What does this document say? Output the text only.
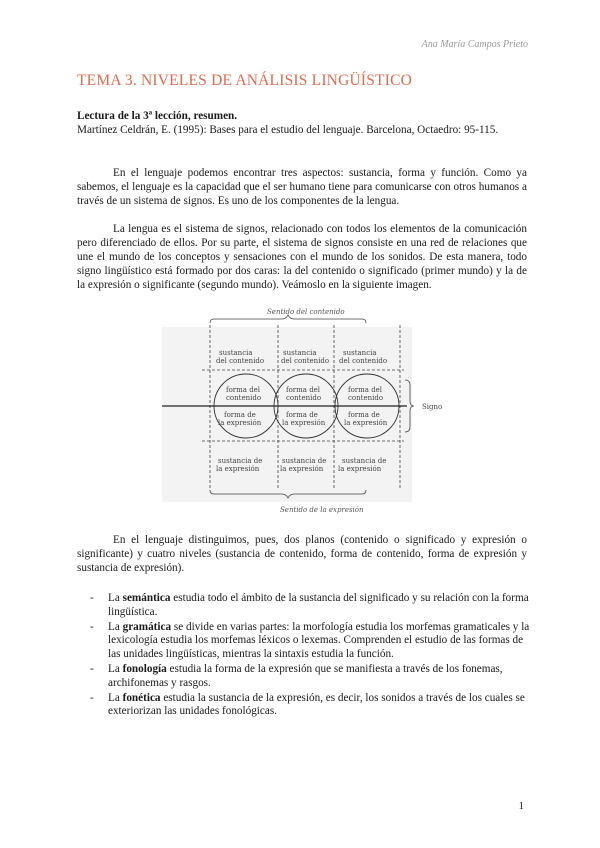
Ana María Campos Prieto
TEMA 3. NIVELES DE ANÁLISIS LINGÜÍSTICO
Lectura de la 3ª lección, resumen.
Martínez Celdrán, E. (1995): Bases para el estudio del lenguaje. Barcelona, Octaedro: 95-115.
En el lenguaje podemos encontrar tres aspectos: sustancia, forma y función. Como ya sabemos, el lenguaje es la capacidad que el ser humano tiene para comunicarse con otros humanos a través de un sistema de signos. Es uno de los componentes de la lengua.
La lengua es el sistema de signos, relacionado con todos los elementos de la comunicación pero diferenciado de ellos. Por su parte, el sistema de signos consiste en una red de relaciones que une el mundo de los conceptos y sensaciones con el mundo de los sonidos. De esta manera, todo signo lingüístico está formado por dos caras: la del contenido o significado (primer mundo) y la de la expresión o significante (segundo mundo). Veámoslo en la siguiente imagen.
Sentido del contenido
sustancia
del contenido
sustancia
del contenido
sustancia
del contenido
forma del
contenido
forma del
contenido
forma del
contenido
forma de
la expresión
forma de
la expresión
forma de
la expresión
sustancia de
la expresión
sustancia de
la expresión
sustancia de
la expresión
Sentido de la expresión
Signo
En el lenguaje distinguimos, pues, dos planos (contenido o significado y expresión o significante) y cuatro niveles (sustancia de contenido, forma de contenido, forma de expresión y sustancia de expresión).
- La semántica estudia todo el ámbito de la sustancia del significado y su relación con la forma lingüística.
- La gramática se divide en varias partes: la morfología estudia los morfemas gramaticales y la lexicología estudia los morfemas léxicos o lexemas. Comprenden el estudio de las formas de las unidades lingüísticas, mientras la sintaxis estudia la función.
- La fonología estudia la forma de la expresión que se manifiesta a través de los fonemas, archifonemas y rasgos.
- La fonética estudia la sustancia de la expresión, es decir, los sonidos a través de los cuales se exteriorizan las unidades fonológicas.
1
